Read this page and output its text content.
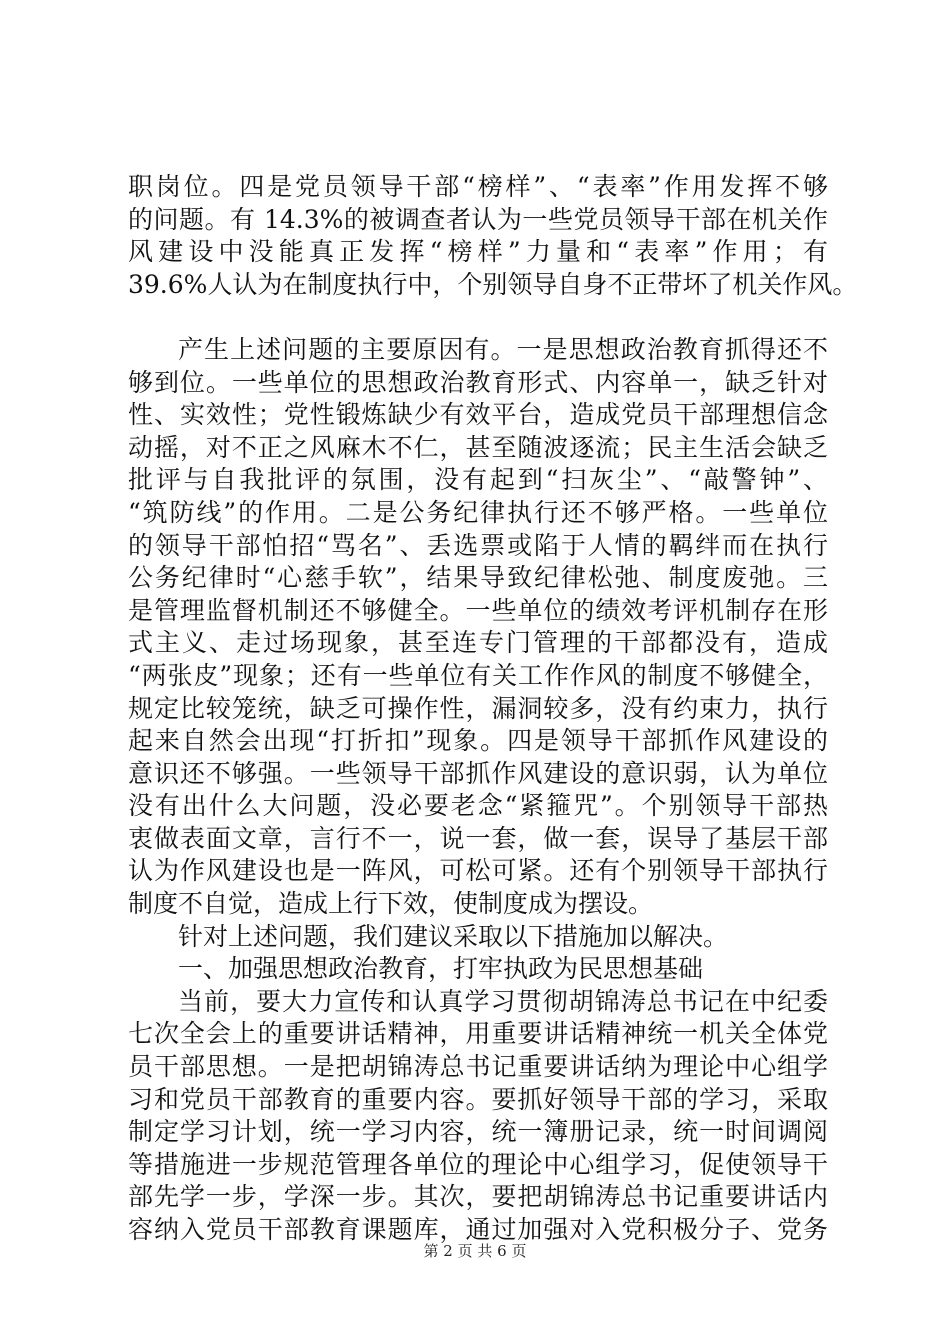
职岗位。四是党员领导干部“榜样”、“表率”作用发挥不够
的问题。有 14.3%的被调查者认为一些党员领导干部在机关作
风建设中没能真正发挥“榜样”力量和“表率”作用；有
39.6%人认为在制度执行中，个别领导自身不正带坏了机关作风。
产生上述问题的主要原因有。一是思想政治教育抓得还不
够到位。一些单位的思想政治教育形式、内容单一，缺乏针对
性、实效性；党性锻炼缺少有效平台，造成党员干部理想信念
动摇，对不正之风麻木不仁，甚至随波逐流；民主生活会缺乏
批评与自我批评的氛围，没有起到“扫灰尘”、“敲警钟”、
“筑防线”的作用。二是公务纪律执行还不够严格。一些单位
的领导干部怕招“骂名”、丢选票或陷于人情的羁绊而在执行
公务纪律时“心慈手软”，结果导致纪律松弛、制度废弛。三
是管理监督机制还不够健全。一些单位的绩效考评机制存在形
式主义、走过场现象，甚至连专门管理的干部都没有，造成
“两张皮”现象；还有一些单位有关工作作风的制度不够健全，
规定比较笼统，缺乏可操作性，漏洞较多，没有约束力，执行
起来自然会出现“打折扣”现象。四是领导干部抓作风建设的
意识还不够强。一些领导干部抓作风建设的意识弱，认为单位
没有出什么大问题，没必要老念“紧箍咒”。个别领导干部热
衷做表面文章，言行不一，说一套，做一套，误导了基层干部
认为作风建设也是一阵风，可松可紧。还有个别领导干部执行
制度不自觉，造成上行下效，使制度成为摆设。
针对上述问题，我们建议采取以下措施加以解决。
一、加强思想政治教育，打牢执政为民思想基础
当前，要大力宣传和认真学习贯彻胡锦涛总书记在中纪委
七次全会上的重要讲话精神，用重要讲话精神统一机关全体党
员干部思想。一是把胡锦涛总书记重要讲话纳为理论中心组学
习和党员干部教育的重要内容。要抓好领导干部的学习，采取
制定学习计划，统一学习内容，统一簿册记录，统一时间调阅
等措施进一步规范管理各单位的理论中心组学习，促使领导干
部先学一步，学深一步。其次，要把胡锦涛总书记重要讲话内
容纳入党员干部教育课题库，通过加强对入党积极分子、党务
第 2 页 共 6 页
